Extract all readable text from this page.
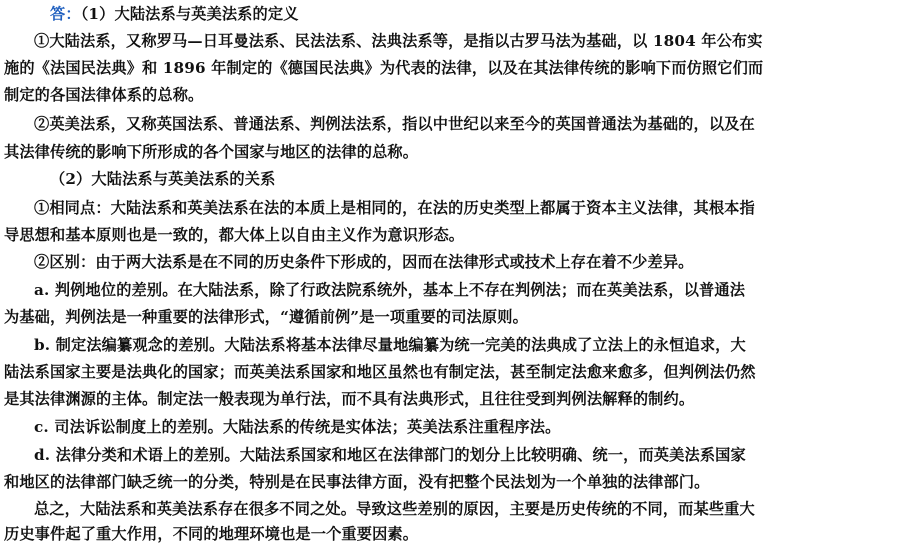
答：（1）大陆法系与英美法系的定义
①大陆法系，又称罗马—日耳曼法系、民法法系、法典法系等，是指以古罗马法为基础，以 1804 年公布实
施的《法国民法典》和 1896 年制定的《德国民法典》为代表的法律，以及在其法律传统的影响下而仿照它们而
制定的各国法律体系的总称。
②英美法系，又称英国法系、普通法系、判例法法系，指以中世纪以来至今的英国普通法为基础的，以及在
其法律传统的影响下所形成的各个国家与地区的法律的总称。
（2）大陆法系与英美法系的关系
①相同点：大陆法系和英美法系在法的本质上是相同的，在法的历史类型上都属于资本主义法律，其根本指
导思想和基本原则也是一致的，都大体上以自由主义作为意识形态。
②区别：由于两大法系是在不同的历史条件下形成的，因而在法律形式或技术上存在着不少差异。
a. 判例地位的差别。在大陆法系，除了行政法院系统外，基本上不存在判例法；而在英美法系，以普通法
为基础，判例法是一种重要的法律形式，“遵循前例”是一项重要的司法原则。
b. 制定法编纂观念的差别。大陆法系将基本法律尽量地编纂为统一完美的法典成了立法上的永恒追求，大
陆法系国家主要是法典化的国家；而英美法系国家和地区虽然也有制定法，甚至制定法愈来愈多，但判例法仍然
是其法律渊源的主体。制定法一般表现为单行法，而不具有法典形式，且往往受到判例法解释的制约。
c. 司法诉讼制度上的差别。大陆法系的传统是实体法；英美法系注重程序法。
d. 法律分类和术语上的差别。大陆法系国家和地区在法律部门的划分上比较明确、统一，而英美法系国家
和地区的法律部门缺乏统一的分类，特别是在民事法律方面，没有把整个民法划为一个单独的法律部门。
总之，大陆法系和英美法系存在很多不同之处。导致这些差别的原因，主要是历史传统的不同，而某些重大
历史事件起了重大作用，不同的地理环境也是一个重要因素。
